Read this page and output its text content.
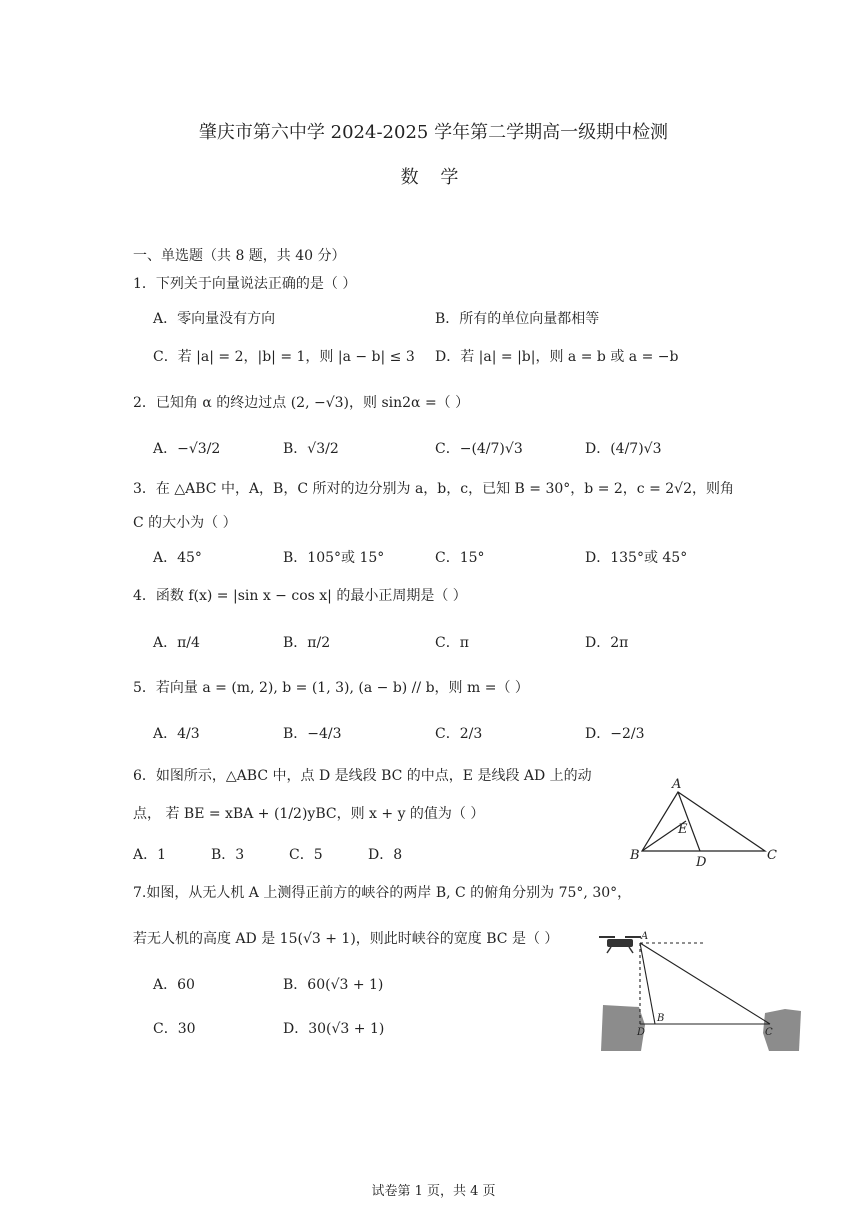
肇庆市第六中学 2024-2025 学年第二学期高一级期中检测
数 学
一、单选题（共 8 题，共 40 分）
1．下列关于向量说法正确的是（ ）
A．零向量没有方向	B．所有的单位向量都相等
C．若 |a| = 2，|b| = 1，则 |a − b| ≤ 3 D．若 |a| = |b|，则 a = b 或 a = −b
2．已知角 α 的终边过点 (2, −√3)，则 sin2α =（ ）
A．−√3/2	B．√3/2	C．−(4/7)√3	D．(4/7)√3
3．在 △ABC 中，A，B，C 所对的边分别为 a，b，c，已知 B = 30°，b = 2，c = 2√2，则角
C 的大小为（ ）
A．45°	B．105°或 15°	C．15°	D．135°或 45°
4．函数 f(x) = |sin x − cos x| 的最小正周期是（ ）
A．π/4	B．π/2	C．π	D．2π
5．若向量 a = (m, 2), b = (1, 3), (a − b) // b，则 m =（ ）
A．4/3	B．−4/3	C．2/3	D．−2/3
6．如图所示，△ABC 中，点 D 是线段 BC 的中点，E 是线段 AD 上的动
点， 若 BE = xBA + (1/2)yBC，则 x + y 的值为（ ）
A．1	B．3	C．5	D．8
A
E
B	D	C
7.如图，从无人机 A 上测得正前方的峡谷的两岸 B, C 的俯角分别为 75°, 30°，
若无人机的高度 AD 是 15(√3 + 1)，则此时峡谷的宽度 BC 是（ ）
A．60	B．60(√3 + 1)
C．30	D．30(√3 + 1)
A
B
D	C
试卷第 1 页，共 4 页
